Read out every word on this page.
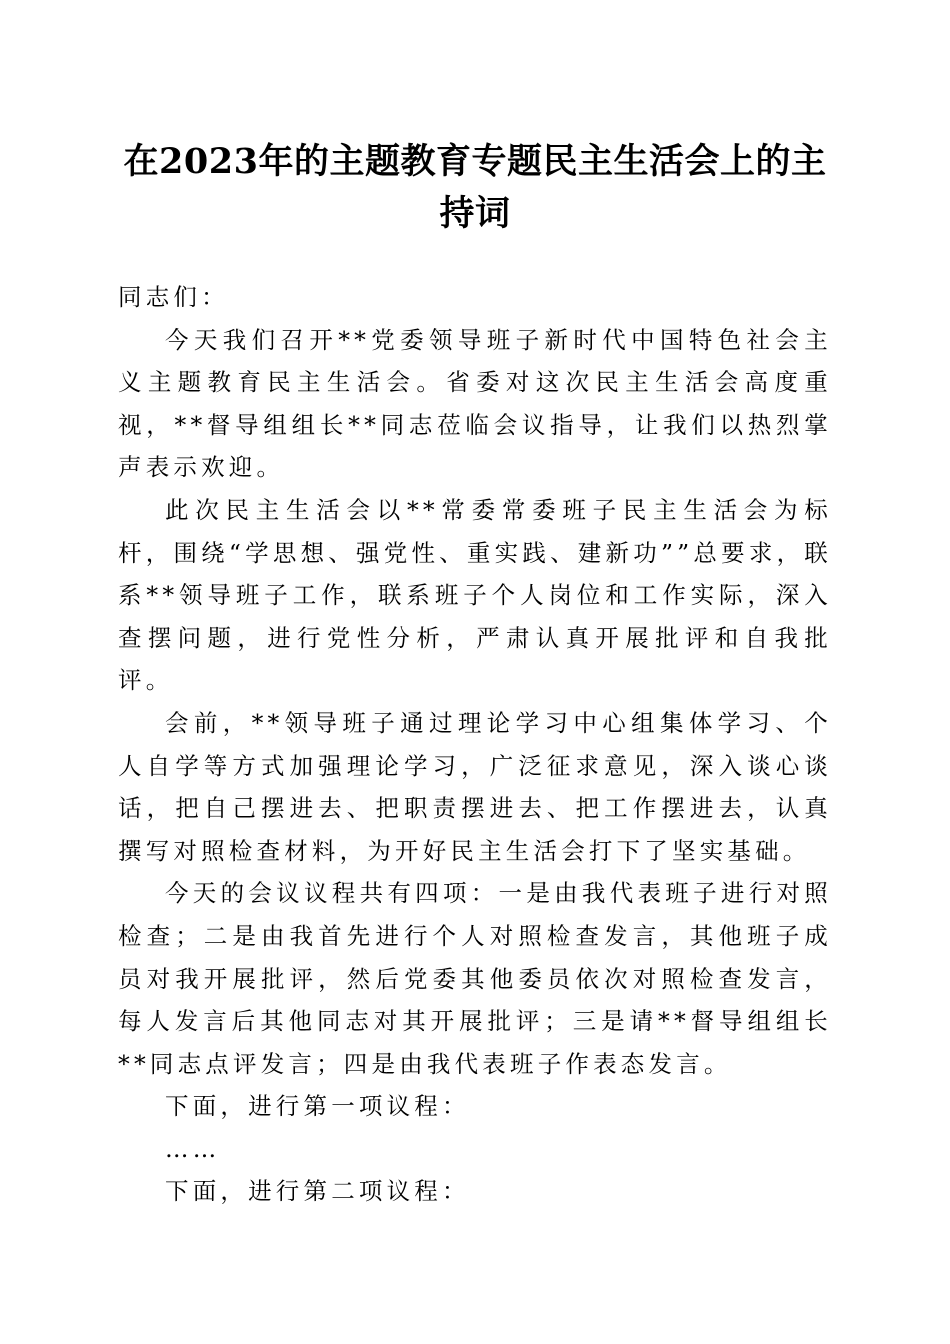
在2023年的主题教育专题民主生活会上的主持词

同志们：

今天我们召开**党委领导班子新时代中国特色社会主义主题教育民主生活会。省委对这次民主生活会高度重视，**督导组组长**同志莅临会议指导，让我们以热烈掌声表示欢迎。

此次民主生活会以**常委常委班子民主生活会为标杆，围绕“学思想、强党性、重实践、建新功””总要求，联系**领导班子工作，联系班子个人岗位和工作实际，深入查摆问题，进行党性分析，严肃认真开展批评和自我批评。

会前，**领导班子通过理论学习中心组集体学习、个人自学等方式加强理论学习，广泛征求意见，深入谈心谈话，把自己摆进去、把职责摆进去、把工作摆进去，认真撰写对照检查材料，为开好民主生活会打下了坚实基础。

今天的会议议程共有四项：一是由我代表班子进行对照检查；二是由我首先进行个人对照检查发言，其他班子成员对我开展批评，然后党委其他委员依次对照检查发言，每人发言后其他同志对其开展批评；三是请**督导组组长**同志点评发言；四是由我代表班子作表态发言。

下面，进行第一项议程：

……

下面，进行第二项议程：
